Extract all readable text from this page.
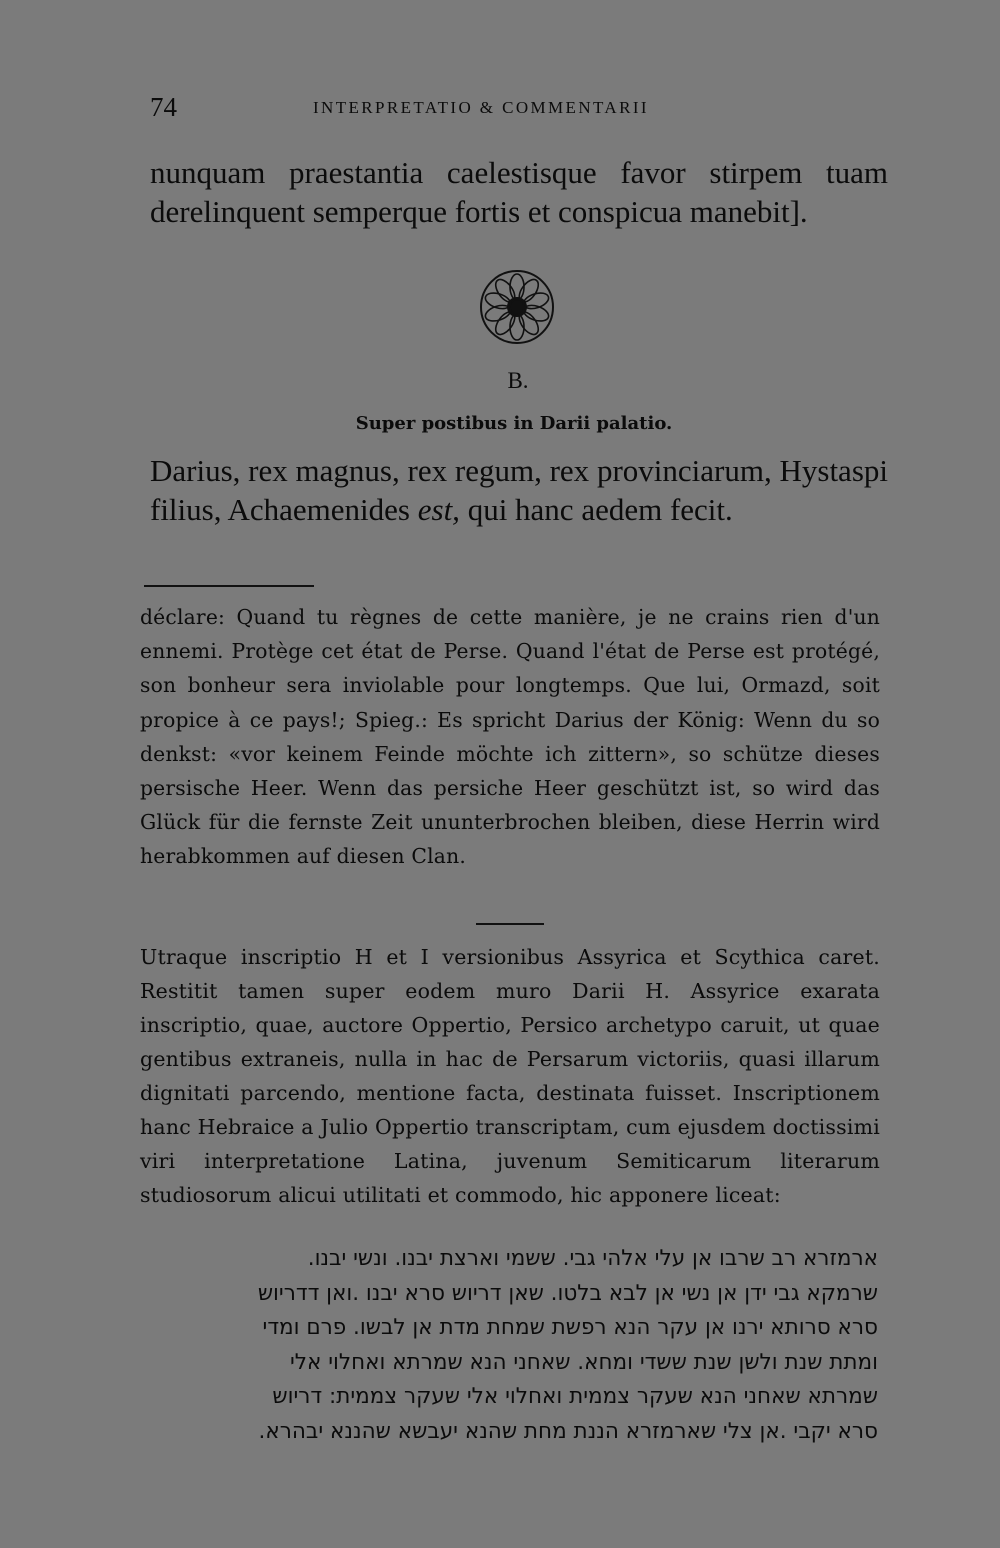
74	INTERPRETATIO & COMMENTARII
nunquam praestantia caelestisque favor stirpem tuam derelinquent semperque fortis et conspicua manebit].
B.
Super postibus in Darii palatio.
Darius, rex magnus, rex regum, rex provinciarum, Hystaspi filius, Achaemenides est, qui hanc aedem fecit.
déclare: Quand tu règnes de cette manière, je ne crains rien d'un ennemi. Protège cet état de Perse. Quand l'état de Perse est protégé, son bonheur sera inviolable pour longtemps. Que lui, Ormazd, soit propice à ce pays!; Spieg.: Es spricht Darius der König: Wenn du so denkst: «vor keinem Feinde möchte ich zittern», so schütze dieses persische Heer. Wenn das persiche Heer geschützt ist, so wird das Glück für die fernste Zeit ununterbrochen bleiben, diese Herrin wird herabkommen auf diesen Clan.
Utraque inscriptio H et I versionibus Assyrica et Scythica caret. Restitit tamen super eodem muro Darii H. Assyrice exarata inscriptio, quae, auctore Oppertio, Persico archetypo caruit, ut quae gentibus extraneis, nulla in hac de Persarum victoriis, quasi illarum dignitati parcendo, mentione facta, destinata fuisset. Inscriptionem hanc Hebraice a Julio Oppertio transcriptam, cum ejusdem doctissimi viri interpretatione Latina, juvenum Semiticarum literarum studiosorum alicui utilitati et commodo, hic apponere liceat:
ארמזרא רב שרבו אן עלי אלהי גבי. ששמי וארצת יבנו. ונשי יבנו.
שרמקא גבי ידן אן נשי אן לבא בלטו. שאן דריוש סרא יבנו .ואן דדריוש
סרא סרותא ירנו אן עקר הנא רפשת שמחת מדת אן לבשו. פרם ומדי
ומתת שנת ולשן שנת ששדי ומחא. שאחני הנא שמרתא ואחלוי אלי
שמרתא שאחני הנא שעקר צממית ואחלוי אלי שעקר צממית: דריוש
סרא יקבי .אן צלי שארמזרא הננת מחת שהנא יעבשא שהננא יבהרא.
